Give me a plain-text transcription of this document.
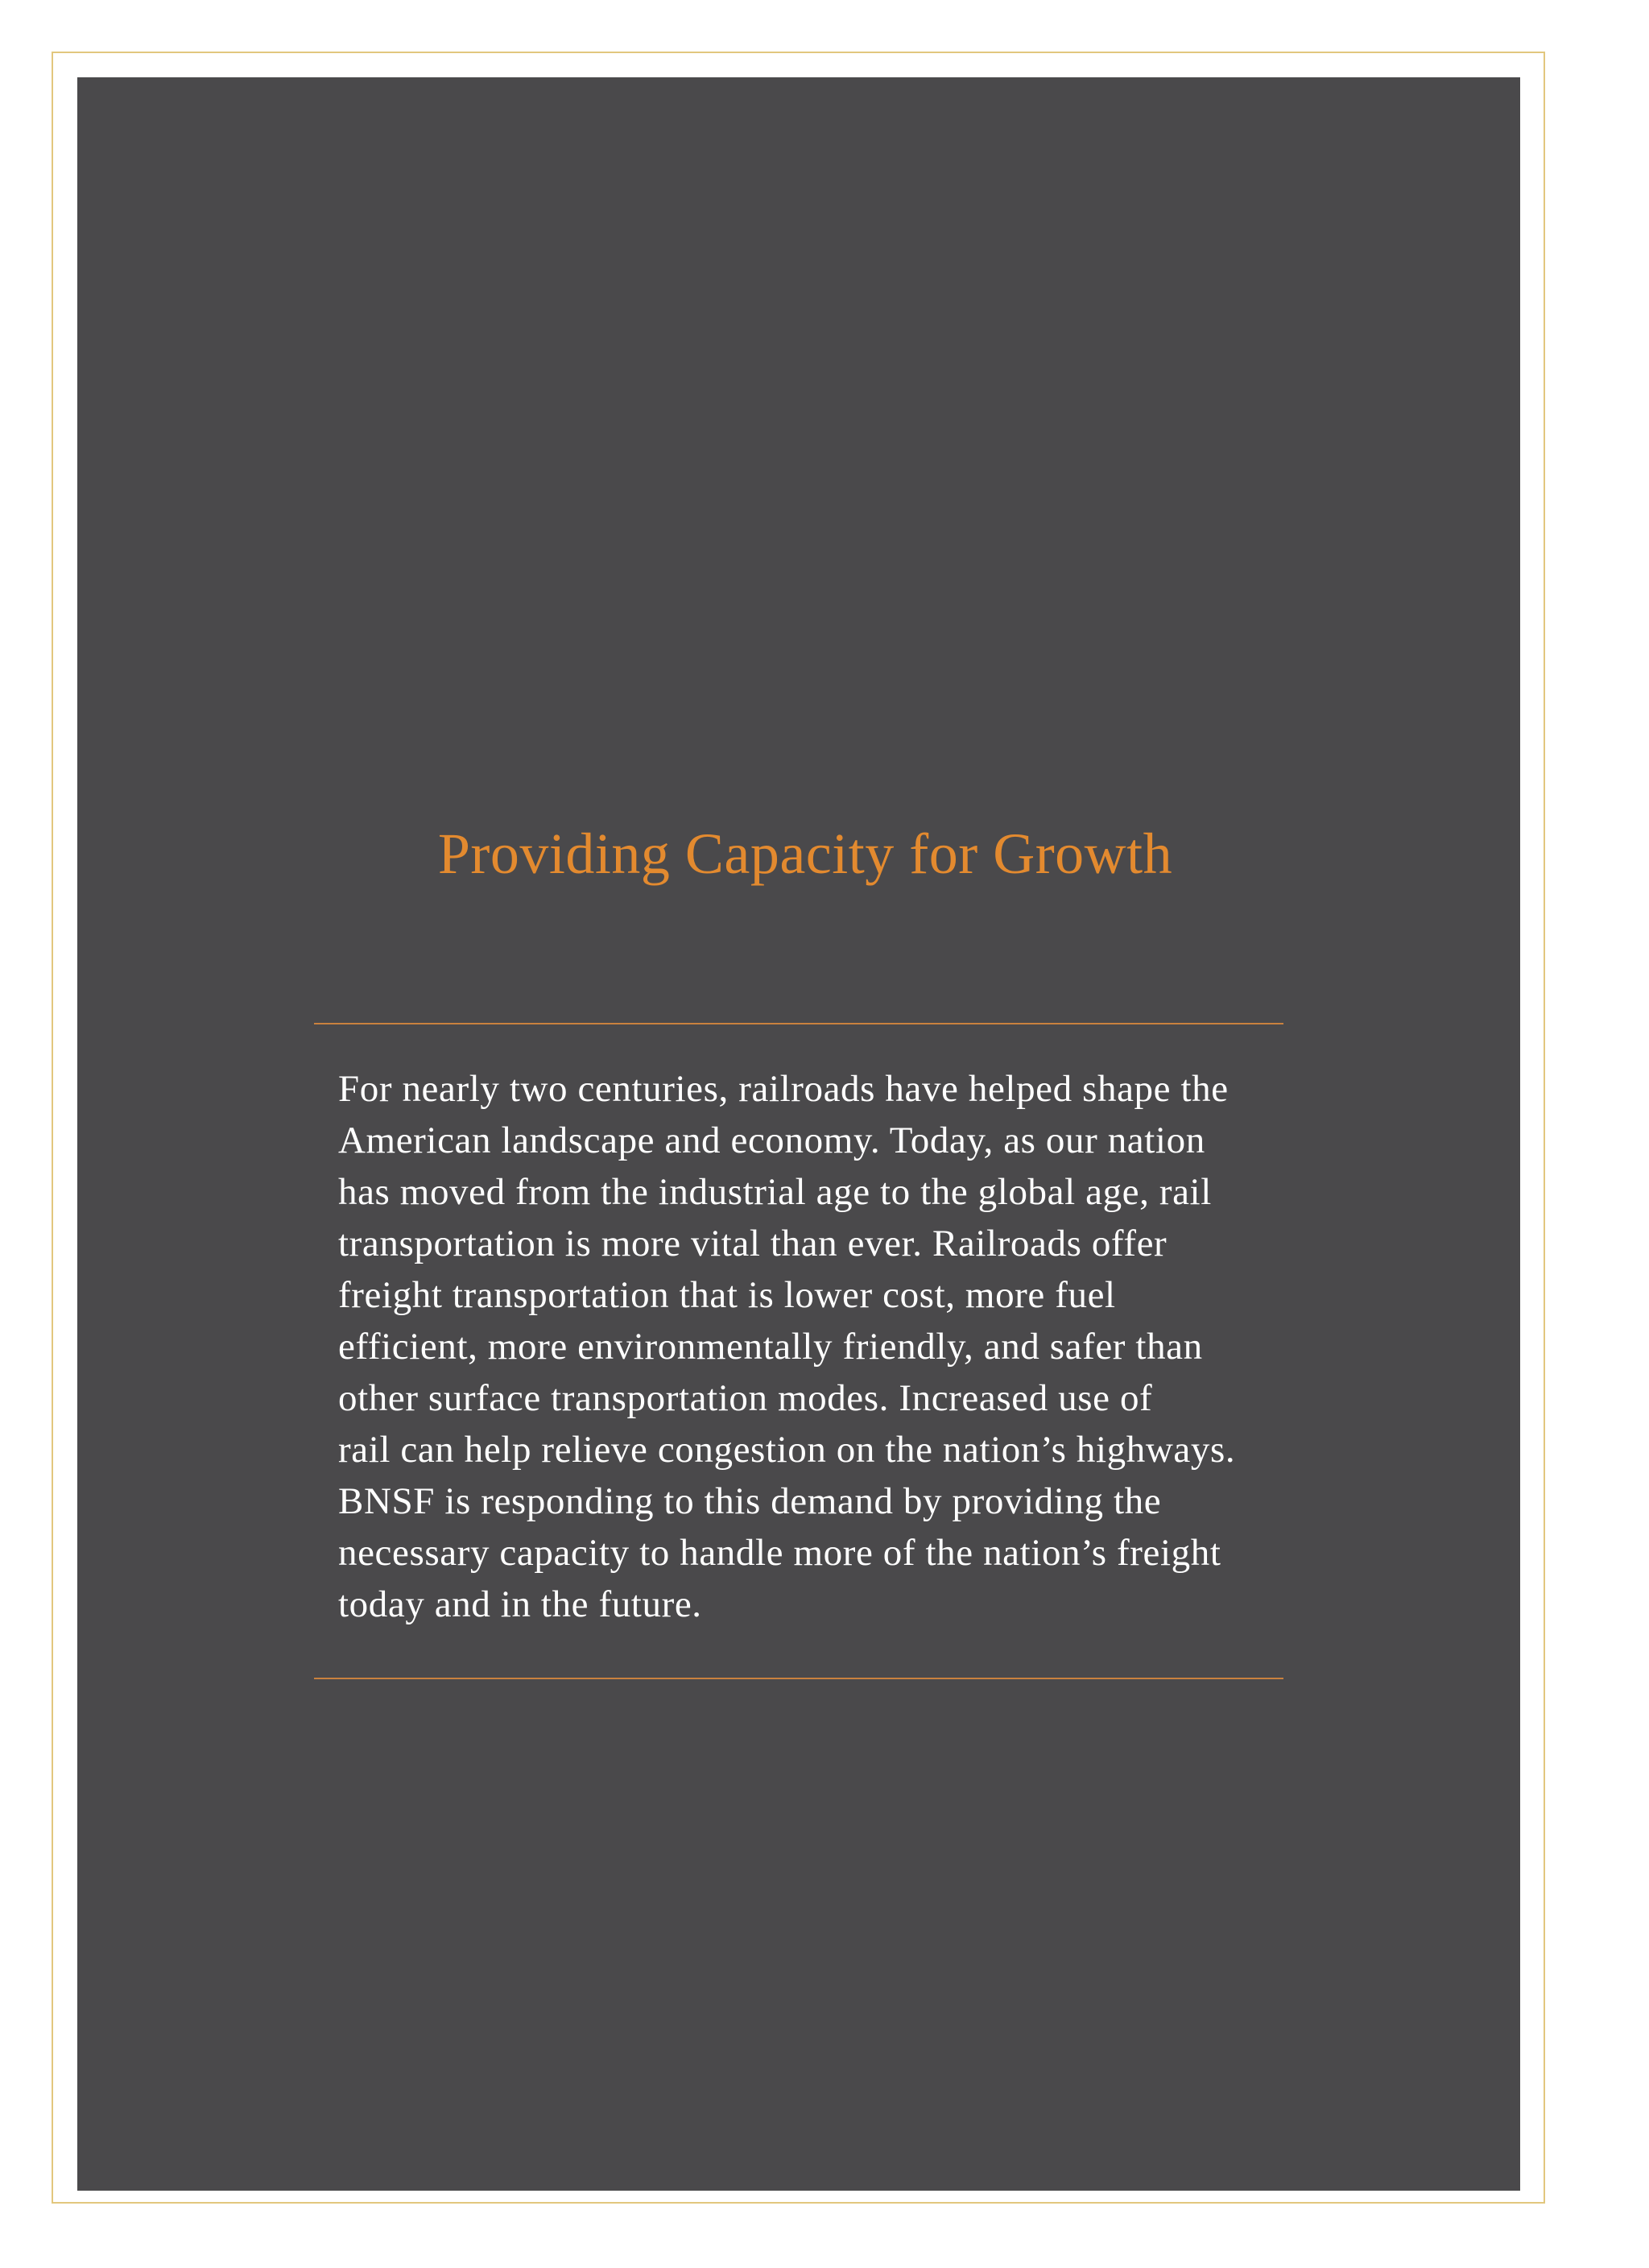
Providing Capacity for Growth

For nearly two centuries, railroads have helped shape the
American landscape and economy. Today, as our nation
has moved from the industrial age to the global age, rail
transportation is more vital than ever. Railroads offer
freight transportation that is lower cost, more fuel
efficient, more environmentally friendly, and safer than
other surface transportation modes. Increased use of
rail can help relieve congestion on the nation’s highways.
BNSF is responding to this demand by providing the
necessary capacity to handle more of the nation’s freight
today and in the future.
